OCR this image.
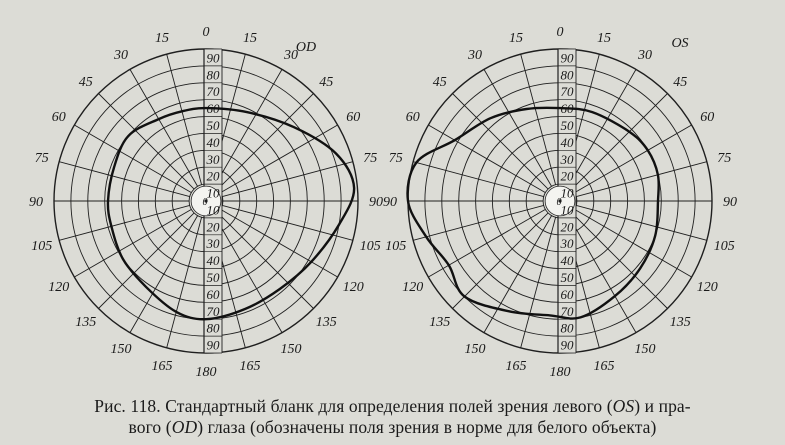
90
80
70
60
50
40
30
20
10
10
20
30
40
50
60
70
80
90
0
0 15
30
45
60
75
90
105
120
135
150
165
180
165
150
135
120
105
90
75
60
45
30
15
OD
90
80
70
60
50
40
30
20
10
10
20
30
40
50
60
70
80
90
0
0 15
30
45
60
75
90
105
120
135
150
165
180
165
150
135
120
105
90
75
60
45
30
15	OS
Рис. 118. Стандартный бланк для определения полей зрения левого (OS) и пра-
вого (OD) глаза (обозначены поля зрения в норме для белого объекта)
